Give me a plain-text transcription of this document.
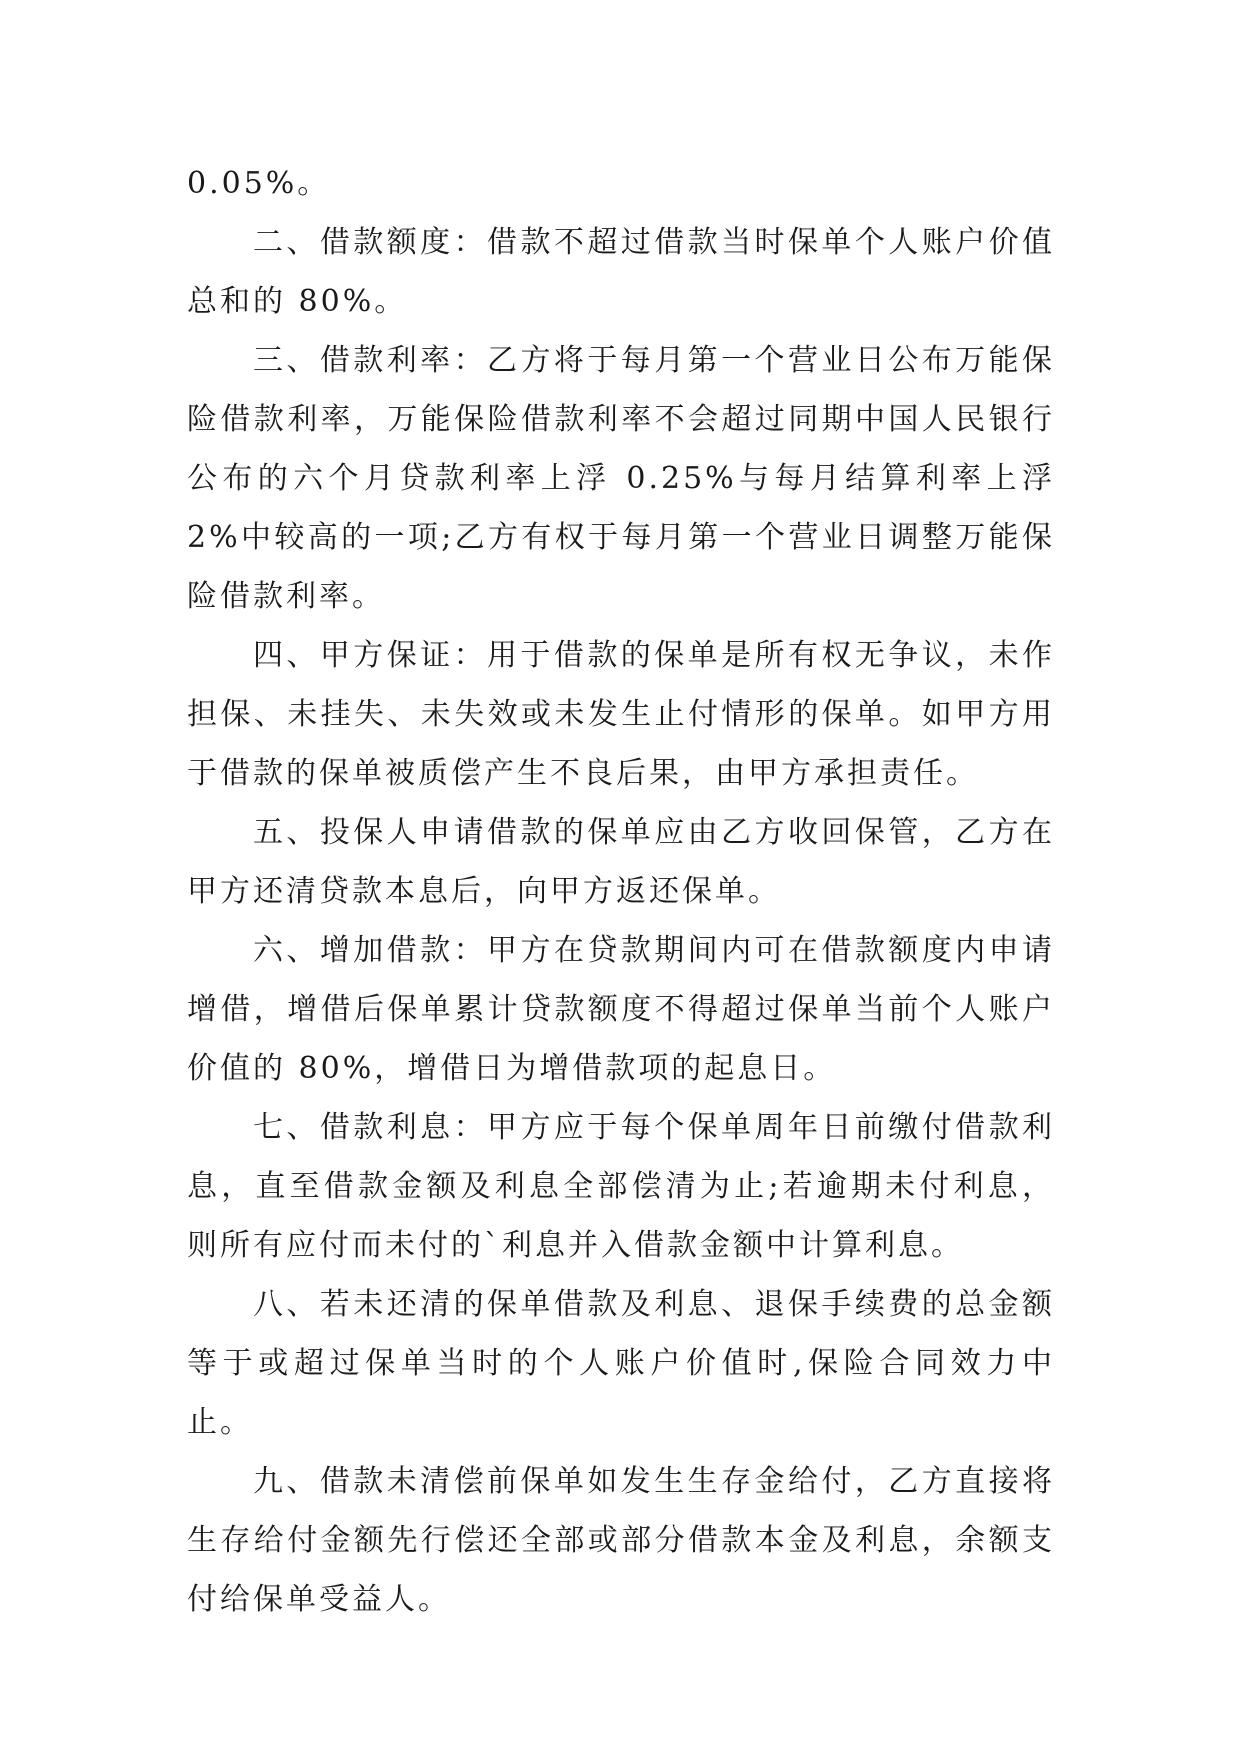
0.05%。

二、借款额度：借款不超过借款当时保单个人账户价值总和的 80%。

三、借款利率：乙方将于每月第一个营业日公布万能保险借款利率，万能保险借款利率不会超过同期中国人民银行公布的六个月贷款利率上浮 0.25%与每月结算利率上浮 2%中较高的一项;乙方有权于每月第一个营业日调整万能保险借款利率。

四、甲方保证：用于借款的保单是所有权无争议，未作担保、未挂失、未失效或未发生止付情形的保单。如甲方用于借款的保单被质偿产生不良后果，由甲方承担责任。

五、投保人申请借款的保单应由乙方收回保管，乙方在甲方还清贷款本息后，向甲方返还保单。

六、增加借款：甲方在贷款期间内可在借款额度内申请增借，增借后保单累计贷款额度不得超过保单当前个人账户价值的 80%，增借日为增借款项的起息日。

七、借款利息：甲方应于每个保单周年日前缴付借款利息，直至借款金额及利息全部偿清为止;若逾期未付利息，则所有应付而未付的`利息并入借款金额中计算利息。

八、若未还清的保单借款及利息、退保手续费的总金额等于或超过保单当时的个人账户价值时,保险合同效力中止。

九、借款未清偿前保单如发生生存金给付，乙方直接将生存给付金额先行偿还全部或部分借款本金及利息，余额支付给保单受益人。
